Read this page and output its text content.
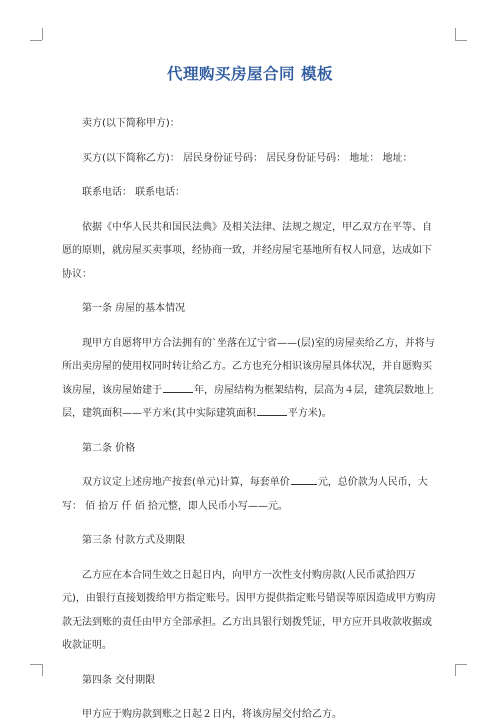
代理购买房屋合同 模板

卖方(以下简称甲方)：

买方(以下简称乙方)： 居民身份证号码： 居民身份证号码： 地址： 地址：

联系电话： 联系电话：

依据《中华人民共和国民法典》及相关法律、法规之规定，甲乙双方在平等、自愿的原则，就房屋买卖事项，经协商一致，并经房屋宅基地所有权人同意，达成如下协议：

第一条 房屋的基本情况

现甲方自愿将甲方合法拥有的`坐落在辽宁省——(层)室的房屋卖给乙方，并将与所出卖房屋的使用权同时转让给乙方。乙方也充分相识该房屋具体状况，并自愿购买该房屋，该房屋始建于	年，房屋结构为框架结构，层高为４层，建筑层数地上层，建筑面积——平方米(其中实际建筑面积	平方米)。

第二条 价格

双方议定上述房地产按套(单元)计算，每套单价	元，总价款为人民币，大写： 佰 拾万 仟 佰 拾元整，即人民币小写——元。

第三条 付款方式及期限

乙方应在本合同生效之日起日内，向甲方一次性支付购房款(人民币贰拾四万元)，由银行直接划拨给甲方指定账号。因甲方提供指定账号错误等原因造成甲方购房款无法到账的责任由甲方全部承担。乙方出具银行划拨凭证，甲方应开具收款收据或收款证明。

第四条 交付期限

甲方应于购房款到账之日起２日内，将该房屋交付给乙方。
